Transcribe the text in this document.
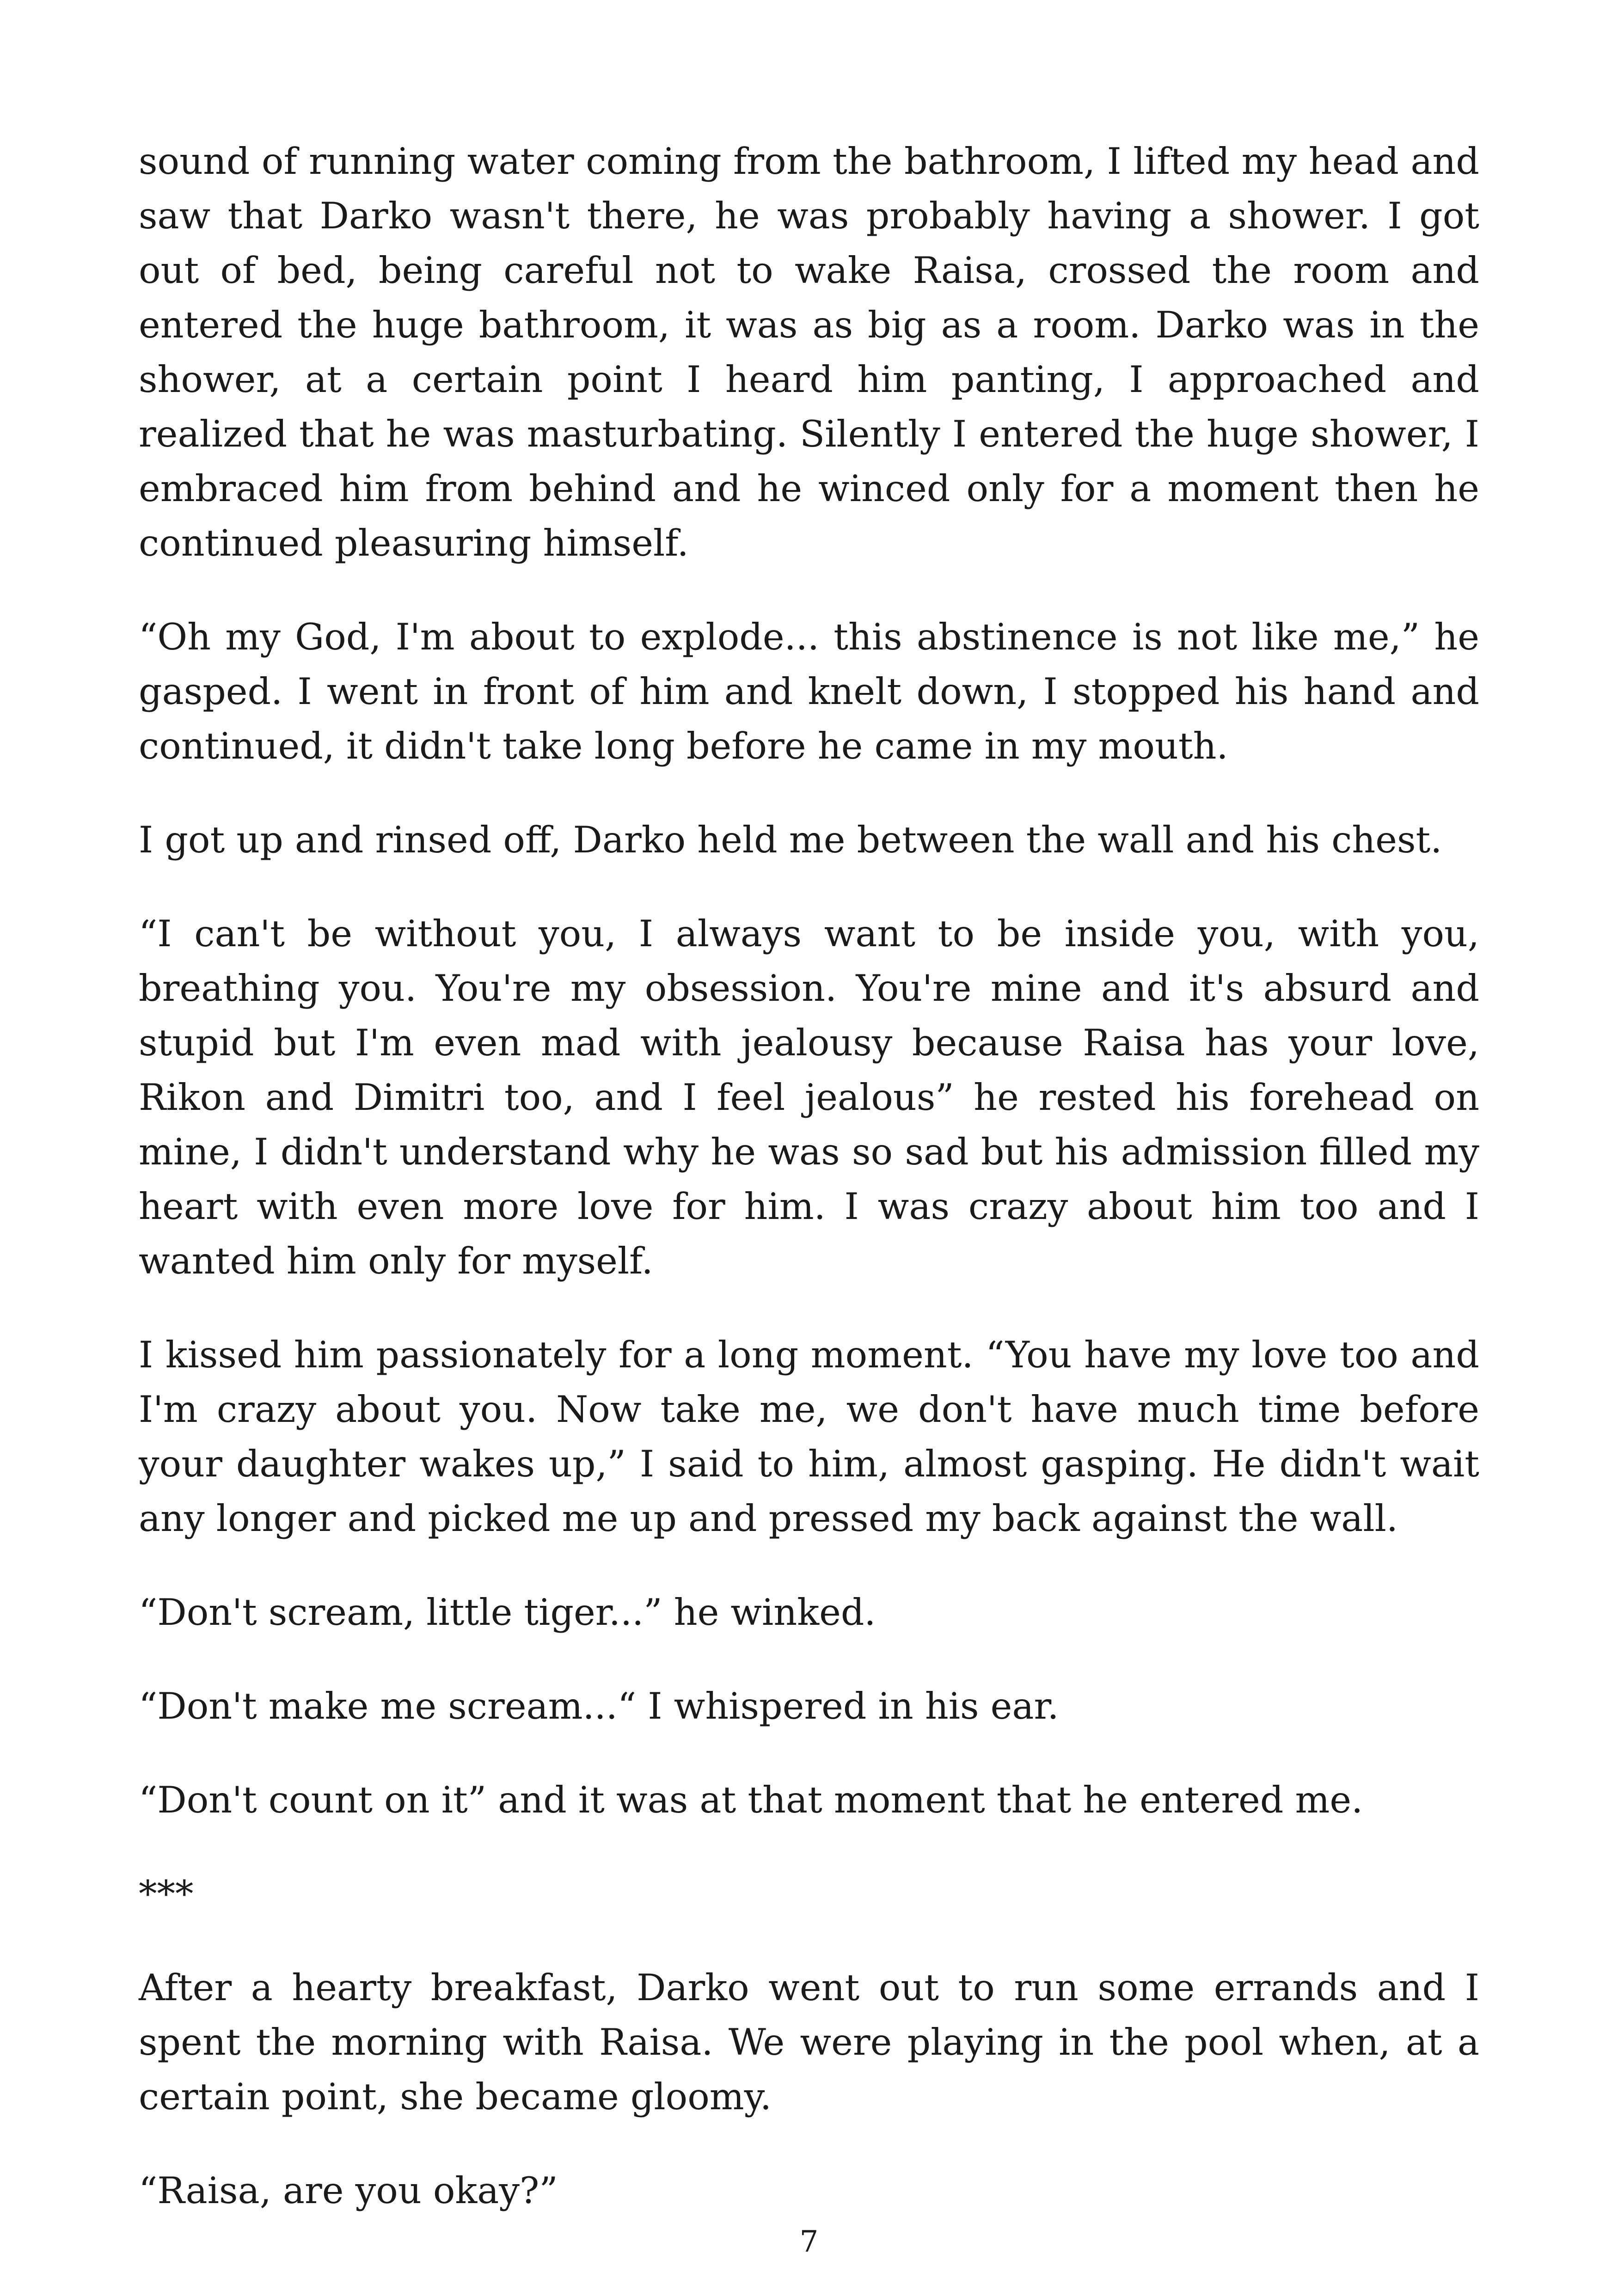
sound of running water coming from the bathroom, I lifted my head and saw that Darko wasn't there, he was probably having a shower. I got out of bed, being careful not to wake Raisa, crossed the room and entered the huge bathroom, it was as big as a room. Darko was in the shower, at a certain point I heard him panting, I approached and realized that he was masturbating. Silently I entered the huge shower, I embraced him from behind and he winced only for a moment then he continued pleasuring himself.

“Oh my God, I'm about to explode... this abstinence is not like me,” he gasped. I went in front of him and knelt down, I stopped his hand and continued, it didn't take long before he came in my mouth.

I got up and rinsed off, Darko held me between the wall and his chest.

“I can't be without you, I always want to be inside you, with you, breathing you. You're my obsession. You're mine and it's absurd and stupid but I'm even mad with jealousy because Raisa has your love, Rikon and Dimitri too, and I feel jealous” he rested his forehead on mine, I didn't understand why he was so sad but his admission filled my heart with even more love for him. I was crazy about him too and I wanted him only for myself.

I kissed him passionately for a long moment. “You have my love too and I'm crazy about you. Now take me, we don't have much time before your daughter wakes up,” I said to him, almost gasping. He didn't wait any longer and picked me up and pressed my back against the wall.

“Don't scream, little tiger...” he winked.

“Don't make me scream...“ I whispered in his ear.

“Don't count on it” and it was at that moment that he entered me.

***

After a hearty breakfast, Darko went out to run some errands and I spent the morning with Raisa. We were playing in the pool when, at a certain point, she became gloomy.

“Raisa, are you okay?”

7
